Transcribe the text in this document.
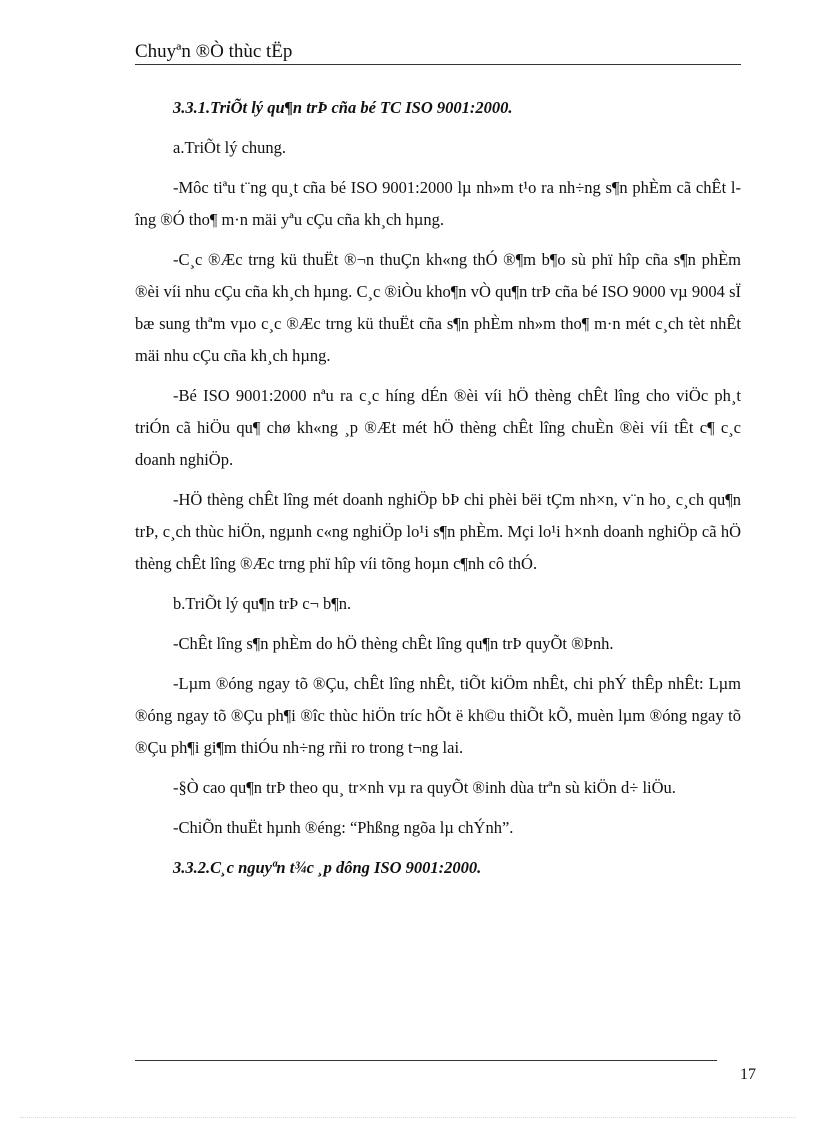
Chuyªn ®Ò thùc tËp

3.3.1.TriÕt lý qu¶n trÞ cña bé TC ISO 9001:2000.

a.TriÕt lý chung.

-Môc tiªu t¨ng qu¸t cña bé ISO 9001:2000 lµ nh»m t¹o ra nh÷ng s¶n phÈm cã chÊt lîng ®Ó tho¶ m·n mäi yªu cÇu cña kh¸ch hµng.

-C¸c ®Æc trng kü thuËt ®¬n thuÇn kh«ng thÓ ®¶m b¶o sù phï hîp cña s¶n phÈm ®èi víi nhu cÇu cña kh¸ch hµng. C¸c ®iÒu kho¶n vÒ qu¶n trÞ cña bé ISO 9000 vµ 9004 sÏ bæ sung thªm vµo c¸c ®Æc trng kü thuËt cña s¶n phÈm nh»m tho¶ m·n mét c¸ch tèt nhÊt mäi nhu cÇu cña kh¸ch hµng.

-Bé ISO 9001:2000 nªu ra c¸c híng dÉn ®èi víi hÖ thèng chÊt lîng cho viÖc ph¸t triÓn cã hiÖu qu¶ chø kh«ng ¸p ®Æt mét hÖ thèng chÊt lîng chuÈn ®èi víi tÊt c¶ c¸c doanh nghiÖp.

-HÖ thèng chÊt lîng mét doanh nghiÖp bÞ chi phèi bëi tÇm nh×n, v¨n ho¸ c¸ch qu¶n trÞ, c¸ch thùc hiÖn, ngµnh c«ng nghiÖp lo¹i s¶n phÈm. Mçi lo¹i h×nh doanh nghiÖp cã hÖ thèng chÊt lîng ®Æc trng phï hîp víi tõng hoµn c¶nh cô thÓ.

b.TriÕt lý qu¶n trÞ c¬ b¶n.

-ChÊt lîng s¶n phÈm do hÖ thèng chÊt lîng qu¶n trÞ quyÕt ®Þnh.

-Lµm ®óng ngay tõ ®Çu, chÊt lîng nhÊt, tiÕt kiÖm nhÊt, chi phÝ thÊp nhÊt: Lµm ®óng ngay tõ ®Çu ph¶i ®îc thùc hiÖn tríc hÕt ë kh©u thiÕt kÕ, muèn lµm ®óng ngay tõ ®Çu ph¶i gi¶m thiÓu nh÷ng rñi ro trong t¬ng lai.

-§Ò cao qu¶n trÞ theo qu¸ tr×nh vµ ra quyÕt ®inh dùa trªn sù kiÖn d÷ liÖu.

-ChiÕn thuËt hµnh ®éng: “Phßng ngõa lµ chÝnh”.

3.3.2.C¸c nguyªn t¾c ¸p dông ISO 9001:2000.

17
